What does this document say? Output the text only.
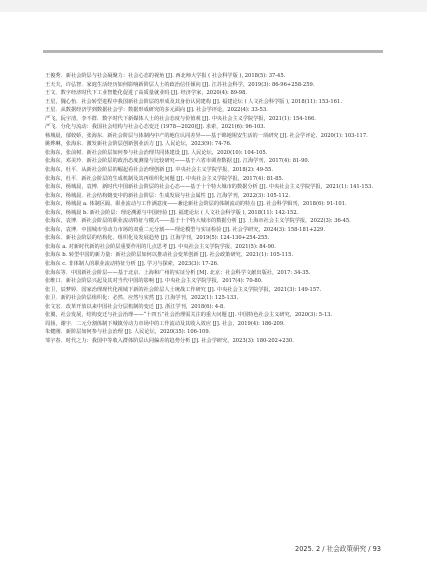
王俊秀．新社会阶层与社会凝聚力：社会心态的视角 [J]. 西北师大学报 ( 社会科学版 ), 2018(5): 37-45.

王天夫，许弘智．家庭生活经历如何影响新阶层人士的政治信任倾向 [J]. 江苏社会科学，2019(3): 86-96+258-259.

王文．数字经济时代下工业智能化促进了高质量就业吗 [J]. 经济学家，2020(4): 89-98.

王星，魏心怡．社会转型进程中我国新社会阶层的形成及其身份认同建构 [J]. 福建论坛 ( 人文社会科学版 ), 2018(11): 153-161.

王星．从数据经济学到数据社会学：数据形成研究的多元面向 [J]. 社会学评论，2022(4): 33-53.

严飞，阮宇清，李不群．数字时代下新媒体人士的社会态度与价值观 [J]. 中央社会主义学院学报，2021(1): 154-166.

严飞．分化与流动：我国社会结构与社会心态变迁 (1978—2020)[J]. 求索，2021(6): 96-103.

杨城晨，郁姣娇，张海东．新社会阶层与体制内中产的地位认同差异——基于锦地锡安生活的一项研究 [J]. 社会学评论，2020(1): 103-117.

姚烨琳，张海东．激发新社会阶层创新创业活力 [J]. 人民论坛，2023(9): 74-76.

张海东，张前树．新社会阶层如何参与社会治理共同体建设 [J]. 人民论坛，2020(10): 104-105.

张海东，邓美玲．新社会阶层的政治态度测量与比较研究——基于六省市调查数据 [J]. 江海学刊，2017(4): 81-90.

张海东，杜平．从新社会阶层的崛起看社会治理创新 [J]. 中央社会主义学院学报，2018(2): 49-55.

张海东，杜平．新社会阶层的生成机制及其再组织化问题 [J]. 中央社会主义学院学报，2017(4): 81-85.

张海东，杨城晨，袁博．新时代中国新社会阶层的社会心态——基于十个特大城市的数据分析 [J]. 中央社会主义学院学报，2021(1): 141-153.

张海东，杨城晨．社会结构嬗变中的新社会阶层：生成发展与社会属性 [J]. 江海学刊，2022(3): 105-112.

张海东，杨城晨 a. 体制区隔、职业流动与工作满意度——兼论新社会阶层的体制流动的特点 [J]. 社会科学辑刊，2018(6): 91-101.

张海东，杨城晨 b. 新社会阶层：理论溯源与中国经验 [J]. 福建论坛 ( 人文社会科学版 ), 2018(11): 142-152.

张海东，袁博．新社会阶层的职业流动特征与模式——基于十个特大城市的数据分析 [J]. 上海市社会主义学院学报，2022(3): 36-45.

张海东，袁博．中国城市劳动力市场的双重二元分割——理论模型与实证检验 [J]. 社会学研究，2024(3): 158-181+229.

张海东．新社会阶层的结构化、组织化及发展趋势 [J]. 江海学刊，2019(5): 124-130+254-255.

张海东 a. 对新时代新的社会阶层重要作用的几点思考 [J]. 中央社会主义学院学报，2021(5): 84-90.

张海东 b. 转型中国的新力量：新社会阶层如何以推动社会变革创新 [J]. 社会政策研究，2021(1): 105-115.

张海东 c. 非体制人的职业流动特征分析 [J]. 学习与探索，2023(3): 17-26.

张海东等．中国新社会阶层——基于北京、上海和广州的实证分析 [M]. 北京：社会科学文献出版社，2017: 34-35.

张维口．新社会阶层兴起及其对当代中国的影响 [J]. 中央社会主义学院学报，2017(4): 70-80.

张卫，辰梦婷．国家治理现代化视域下新的社会阶层人士统战工作研究 [J]. 中央社会主义学院学报，2021(3): 149-157.

张卫．新的社会阶层组织化：必然、应然与实然 [J]. 江海学刊，2022(1): 125-133.

张文宏．改革开放以来中国社会分层机制的变迁 [J]. 浙江学刊，2018(6): 4-8.

张翼，社会发展，结构变迁与社会治理——“十四五”社会治理需关注的重大问题 [J]. 中国特色社会主义研究，2020(3): 5-13.

周扬，谢宇．二元分割体制下城镇劳动力市场中的工作流动及其收入效应 [J]. 社会，2019(4): 186-209.

朱健刚．新阶层如何参与社会治理 [J]. 人民论坛，2020(35): 106-109.

邹宇春．时代之力：我国中等收入群体阶层认同偏差的趋势分析 [J]. 社会学研究，2023(3): 180-202+230.

2025. 2 / 社会政策研究 / 93
